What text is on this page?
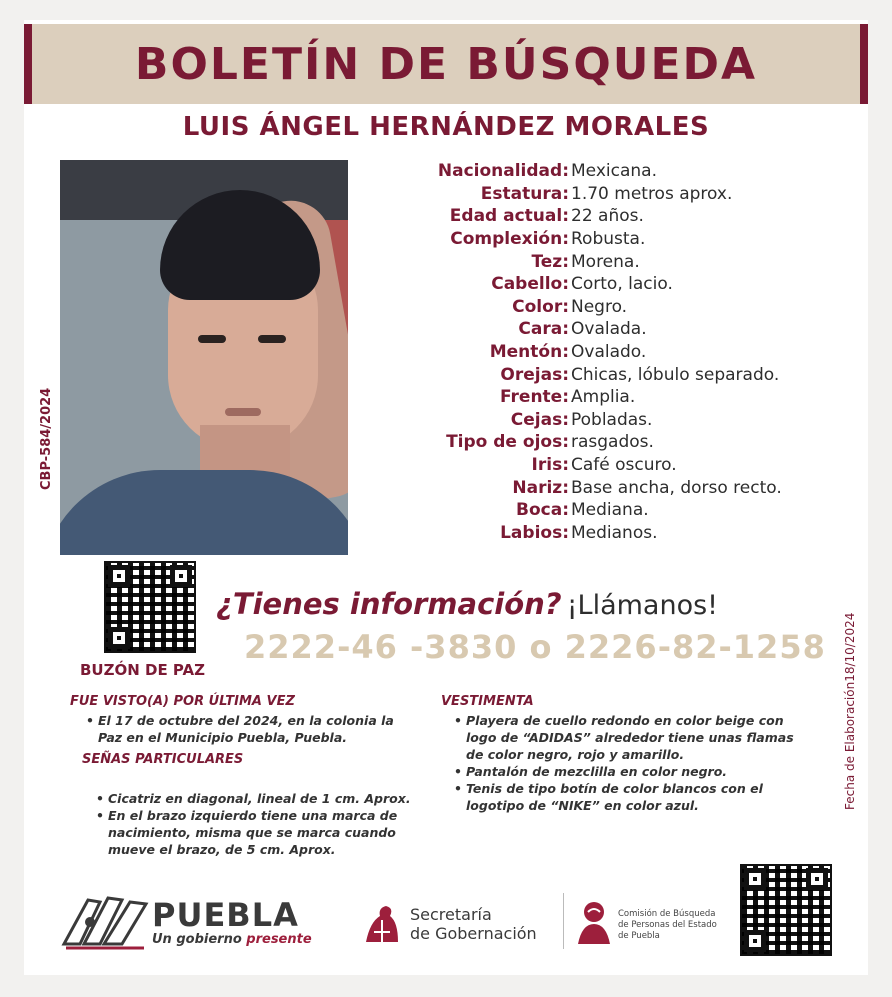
BOLETÍN DE BÚSQUEDA
LUIS ÁNGEL HERNÁNDEZ MORALES
CBP-584/2024
Nacionalidad: Mexicana.
Estatura: 1.70 metros aprox.
Edad actual: 22 años.
Complexión: Robusta.
Tez: Morena.
Cabello: Corto, lacio.
Color: Negro.
Cara: Ovalada.
Mentón: Ovalado.
Orejas: Chicas, lóbulo separado.
Frente: Amplia.
Cejas: Pobladas.
Tipo de ojos: rasgados.
Iris: Café oscuro.
Nariz: Base ancha, dorso recto.
Boca: Mediana.
Labios: Medianos.
BUZÓN DE PAZ
¿Tienes información? ¡Llámanos!
2222-46 -3830 o 2226-82-1258 Fecha de Elaboración18/10/2024
FUE VISTO(A) POR ÚLTIMA VEZ
• El 17 de octubre del 2024, en la colonia la
Paz en el Municipio Puebla, Puebla.
SEÑAS PARTICULARES
• Cicatriz en diagonal, lineal de 1 cm. Aprox.
• En el brazo izquierdo tiene una marca de
nacimiento, misma que se marca cuando
mueve el brazo, de 5 cm. Aprox.
VESTIMENTA
• Playera de cuello redondo en color beige con
logo de “ADIDAS” alrededor tiene unas flamas
de color negro, rojo y amarillo.
• Pantalón de mezclilla en color negro.
• Tenis de tipo botín de color blancos con el
logotipo de “NIKE” en color azul.
PUEBLA
Un gobierno presente
Secretaría
de Gobernación
Comisión de Búsqueda
de Personas del Estado
de Puebla
